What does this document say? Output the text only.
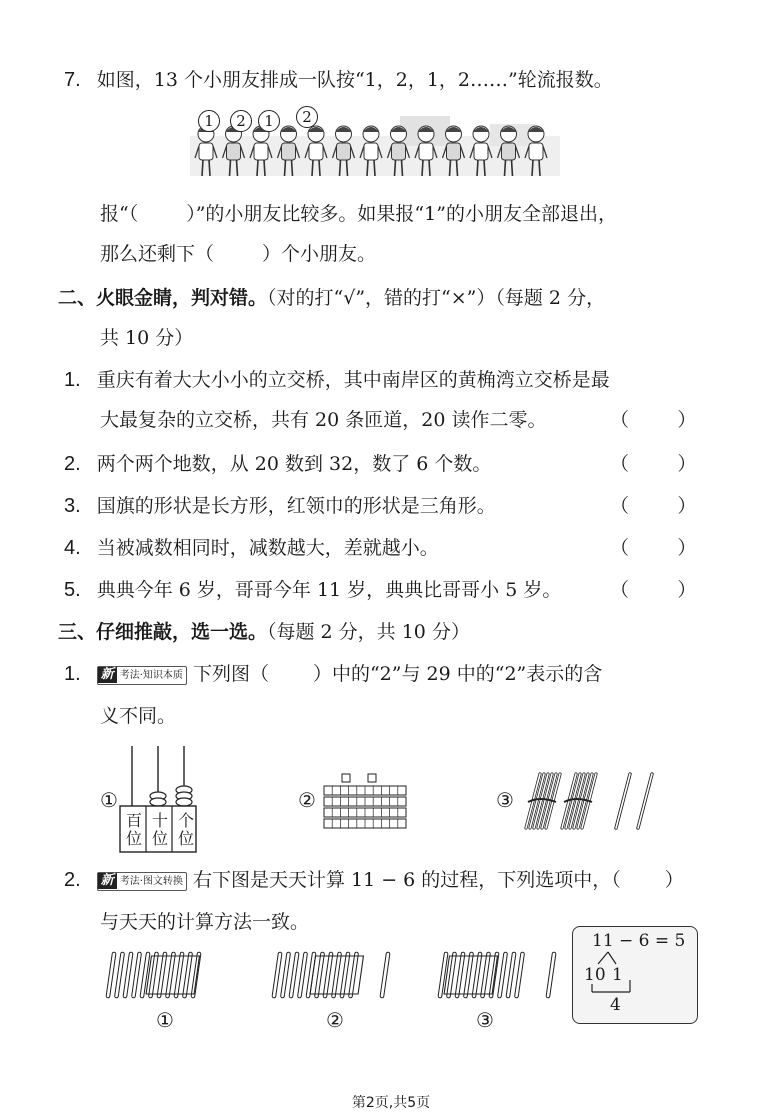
7. 如图，13 个小朋友排成一队按“1，2，1，2……”轮流报数。
1	2	1	2
报“（	）”的小朋友比较多。如果报“1”的小朋友全部退出，
那么还剩下（	）个小朋友。
二、火眼金睛，判对错。（对的打“√”，错的打“×”）（每题 2 分，
共 10 分）
1. 重庆有着大大小小的立交桥，其中南岸区的黄桷湾立交桥是最
大最复杂的立交桥，共有 20 条匝道，20 读作二零。	（        ）
2. 两个两个地数，从 20 数到 32，数了 6 个数。	（        ）
3. 国旗的形状是长方形，红领巾的形状是三角形。	（        ）
4. 当被减数相同时，减数越大，差就越小。	（        ）
5. 典典今年 6 岁，哥哥今年 11 岁，典典比哥哥小 5 岁。	（        ）
三、仔细推敲，选一选。（每题 2 分，共 10 分）
1. 新 考法·知识本质 下列图（ ）中的“2”与 29 中的“2”表示的含
义不同。
①
百位
十位
个位
②	③
2. 新 考法·图文转换 右下图是天天计算 11 − 6 的过程，下列选项中，（ ）
与天天的计算方法一致。
①	②	③
11 − 6 = 5
10 1
4
第2页,共5页
